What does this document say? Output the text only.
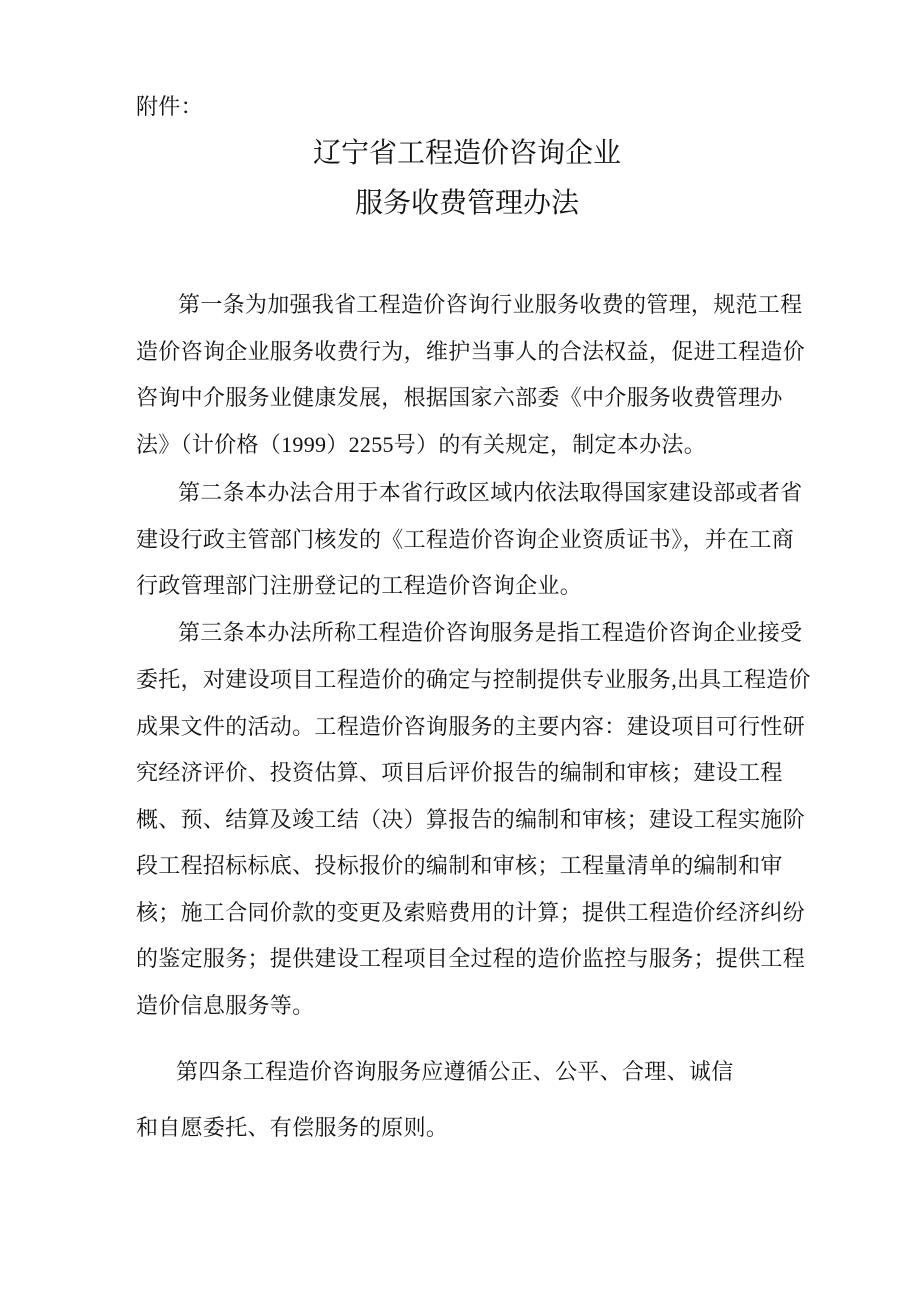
附件：
辽宁省工程造价咨询企业
服务收费管理办法
第一条为加强我省工程造价咨询行业服务收费的管理，规范工程
造价咨询企业服务收费行为，维护当事人的合法权益，促进工程造价
咨询中介服务业健康发展，根据国家六部委《中介服务收费管理办
法》（计价格（1999）2255号）的有关规定，制定本办法。
第二条本办法合用于本省行政区域内依法取得国家建设部或者省
建设行政主管部门核发的《工程造价咨询企业资质证书》，并在工商
行政管理部门注册登记的工程造价咨询企业。
第三条本办法所称工程造价咨询服务是指工程造价咨询企业接受
委托，对建设项目工程造价的确定与控制提供专业服务,出具工程造价
成果文件的活动。工程造价咨询服务的主要内容：建设项目可行性研
究经济评价、投资估算、项目后评价报告的编制和审核；建设工程
概、预、结算及竣工结（决）算报告的编制和审核；建设工程实施阶
段工程招标标底、投标报价的编制和审核；工程量清单的编制和审
核；施工合同价款的变更及索赔费用的计算；提供工程造价经济纠纷
的鉴定服务；提供建设工程项目全过程的造价监控与服务；提供工程
造价信息服务等。
第四条工程造价咨询服务应遵循公正、公平、合理、诚信
和自愿委托、有偿服务的原则。
